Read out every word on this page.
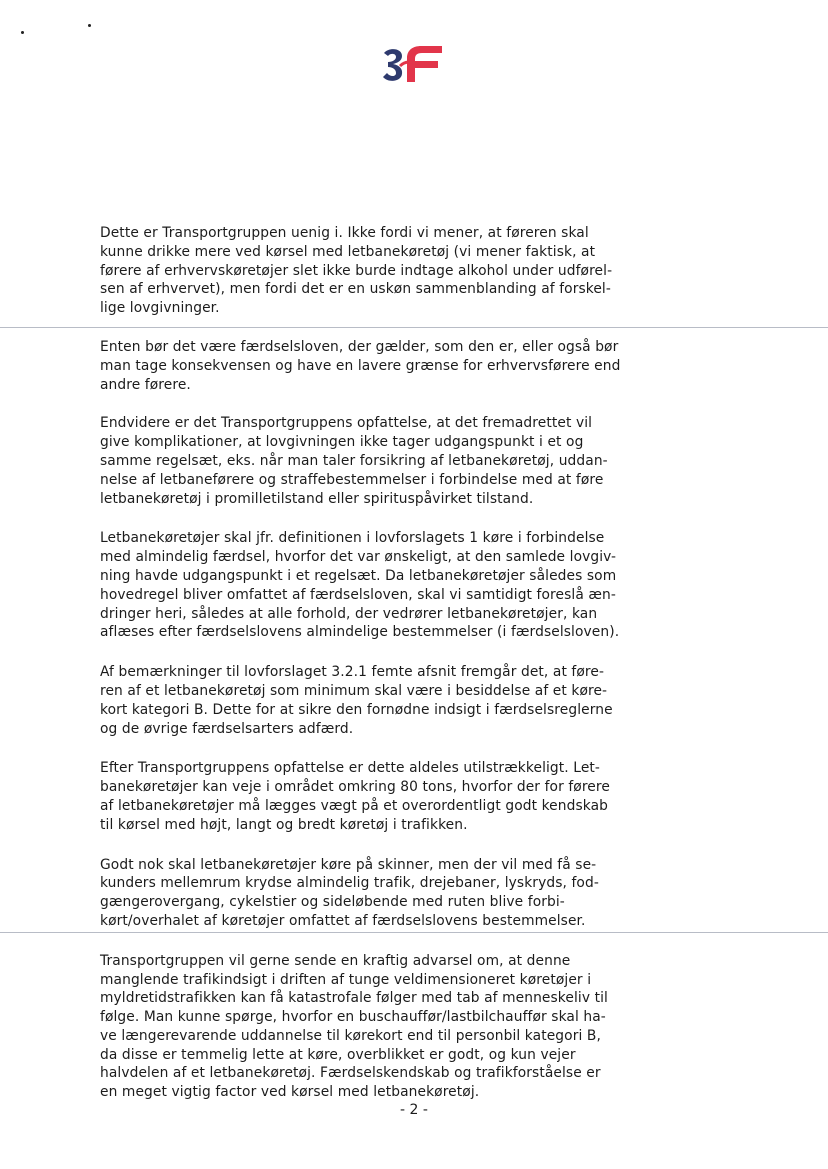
Dette er Transportgruppen uenig i. Ikke fordi vi mener, at føreren skal
kunne drikke mere ved kørsel med letbanekøretøj (vi mener faktisk, at
førere af erhvervskøretøjer slet ikke burde indtage alkohol under udførel-
sen af erhvervet), men fordi det er en uskøn sammenblanding af forskel-
lige lovgivninger.

Enten bør det være færdselsloven, der gælder, som den er, eller også bør
man tage konsekvensen og have en lavere grænse for erhvervsførere end
andre førere.

Endvidere er det Transportgruppens opfattelse, at det fremadrettet vil
give komplikationer, at lovgivningen ikke tager udgangspunkt i et og
samme regelsæt, eks. når man taler forsikring af letbanekøretøj, uddan-
nelse af letbaneførere og straffebestemmelser i forbindelse med at føre
letbanekøretøj i promilletilstand eller spirituspåvirket tilstand.

Letbanekøretøjer skal jfr. definitionen i lovforslagets 1 køre i forbindelse
med almindelig færdsel, hvorfor det var ønskeligt, at den samlede lovgiv-
ning havde udgangspunkt i et regelsæt. Da letbanekøretøjer således som
hovedregel bliver omfattet af færdselsloven, skal vi samtidigt foreslå æn-
dringer heri, således at alle forhold, der vedrører letbanekøretøjer, kan
aflæses efter færdselslovens almindelige bestemmelser (i færdselsloven).

Af bemærkninger til lovforslaget 3.2.1 femte afsnit fremgår det, at føre-
ren af et letbanekøretøj som minimum skal være i besiddelse af et køre-
kort kategori B. Dette for at sikre den fornødne indsigt i færdselsreglerne
og de øvrige færdselsarters adfærd.

Efter Transportgruppens opfattelse er dette aldeles utilstrækkeligt. Let-
banekøretøjer kan veje i området omkring 80 tons, hvorfor der for førere
af letbanekøretøjer må lægges vægt på et overordentligt godt kendskab
til kørsel med højt, langt og bredt køretøj i trafikken.

Godt nok skal letbanekøretøjer køre på skinner, men der vil med få se-
kunders mellemrum krydse almindelig trafik, drejebaner, lyskryds, fod-
gængerovergang, cykelstier og sideløbende med ruten blive forbi-
kørt/overhalet af køretøjer omfattet af færdselslovens bestemmelser.

Transportgruppen vil gerne sende en kraftig advarsel om, at denne
manglende trafikindsigt i driften af tunge veldimensioneret køretøjer i
myldretidstrafikken kan få katastrofale følger med tab af menneskeliv til
følge. Man kunne spørge, hvorfor en buschauffør/lastbilchauffør skal ha-
ve længerevarende uddannelse til kørekort end til personbil kategori B,
da disse er temmelig lette at køre, overblikket er godt, og kun vejer
halvdelen af et letbanekøretøj. Færdselskendskab og trafikforståelse er
en meget vigtig factor ved kørsel med letbanekøretøj.

- 2 -
